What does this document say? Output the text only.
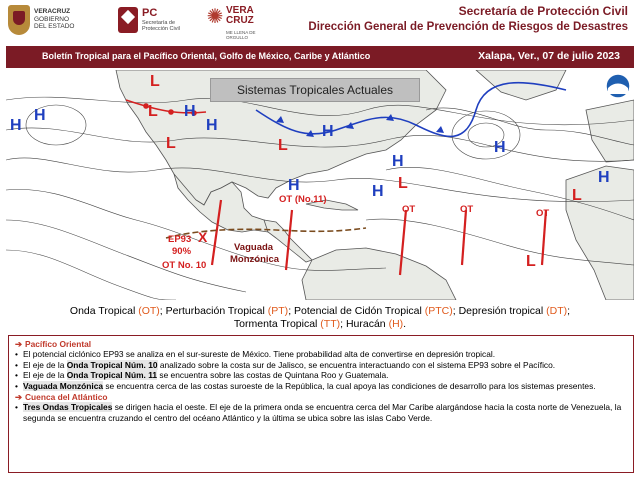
VERACRUZ
GOBIERNO
DEL ESTADO
PC
Secretaría de
Protección Civil
✺ VERA
CRUZ
ME LLENA DE ORGULLO
Secretaría de Protección Civil
Dirección General de Prevención de Riesgos de Desastres
Boletín Tropical para el Pacífico Oriental, Golfo de México, Caribe y Atlántico	Xalapa, Ver., 07 de julio 2023
H
H
L
L H
H
L	L
H
H	H L
H
H
H
L
L
X
EP93
90%
OT No. 10
OT (No.11)
OT	OT	OT
Vaguada
Monzónica
Sistemas Tropicales Actuales
Onda Tropical (OT); Perturbación Tropical (PT); Potencial de Cidón Tropical (PTC); Depresión tropical (DT);
Tormenta Tropical (TT); Huracán (H).
➔ Pacífico Oriental
• El potencial ciclónico EP93 se analiza en el sur-sureste de México. Tiene probabilidad alta de convertirse en depresión tropical.
• El eje de la Onda Tropical Núm. 10 analizado sobre la costa sur de Jalisco, se encuentra interactuando con el sistema EP93 sobre el Pacífico.
• El eje de la Onda Tropical Núm. 11 se encuentra sobre las costas de Quintana Roo y Guatemala.
• Vaguada Monzónica se encuentra cerca de las costas suroeste de la República, la cual apoya las condiciones de desarrollo para los sistemas presentes.
➔ Cuenca del Atlántico
• Tres Ondas Tropicales se dirigen hacia el oeste. El eje de la primera onda se encuentra cerca del Mar Caribe alargándose hacia la costa norte de Venezuela, la segunda se encuentra cruzando el centro del océano Atlántico y la última se ubica sobre las islas Cabo Verde.
